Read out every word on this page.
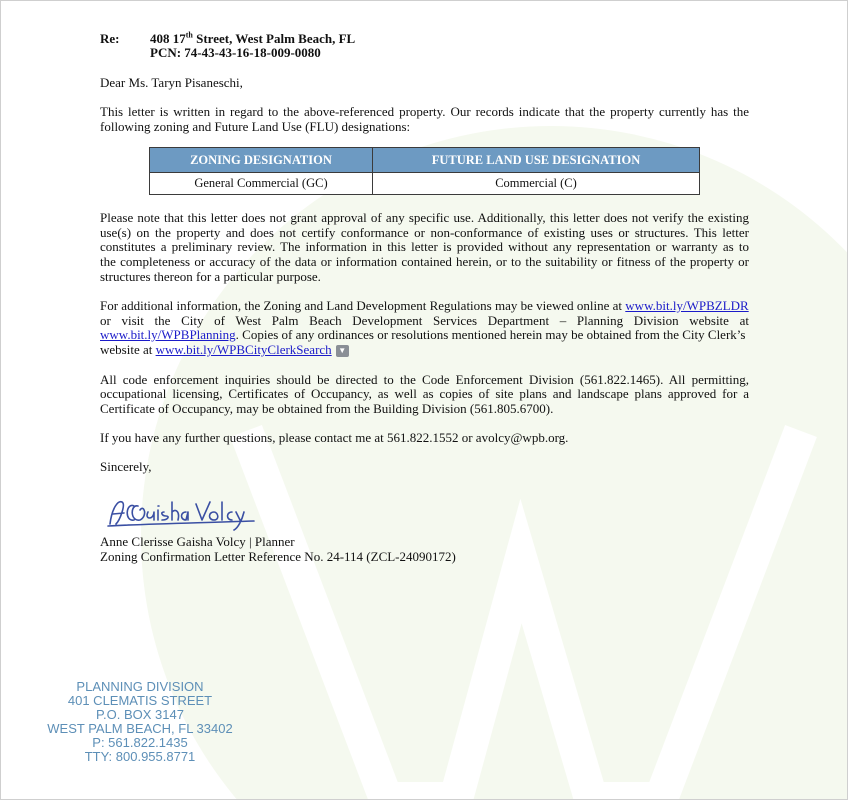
Re: 408 17th Street, West Palm Beach, FL
PCN: 74-43-43-16-18-009-0080
Dear Ms. Taryn Pisaneschi,
This letter is written in regard to the above-referenced property. Our records indicate that the property currently has the
following zoning and Future Land Use (FLU) designations:
ZONING DESIGNATION	FUTURE LAND USE DESIGNATION
General Commercial (GC)	Commercial (C)
Please note that this letter does not grant approval of any specific use. Additionally, this letter does not verify the existing
use(s) on the property and does not certify conformance or non-conformance of existing uses or structures. This letter
constitutes a preliminary review. The information in this letter is provided without any representation or warranty as to
the completeness or accuracy of the data or information contained herein, or to the suitability or fitness of the property or
structures thereon for a particular purpose.
For additional information, the Zoning and Land Development Regulations may be viewed online at www.bit.ly/WPBZLDR
or visit the City of West Palm Beach Development Services Department – Planning Division website at
www.bit.ly/WPBPlanning. Copies of any ordinances or resolutions mentioned herein may be obtained from the City Clerk’s
website at www.bit.ly/WPBCityClerkSearch ▼
All code enforcement inquiries should be directed to the Code Enforcement Division (561.822.1465). All permitting,
occupational licensing, Certificates of Occupancy, as well as copies of site plans and landscape plans approved for a
Certificate of Occupancy, may be obtained from the Building Division (561.805.6700).
If you have any further questions, please contact me at 561.822.1552 or avolcy@wpb.org.
Sincerely,
Anne Clerisse Gaisha Volcy | Planner
Zoning Confirmation Letter Reference No. 24-114 (ZCL-24090172)
PLANNING DIVISION
401 CLEMATIS STREET
P.O. BOX 3147
WEST PALM BEACH, FL 33402
P: 561.822.1435
TTY: 800.955.8771
